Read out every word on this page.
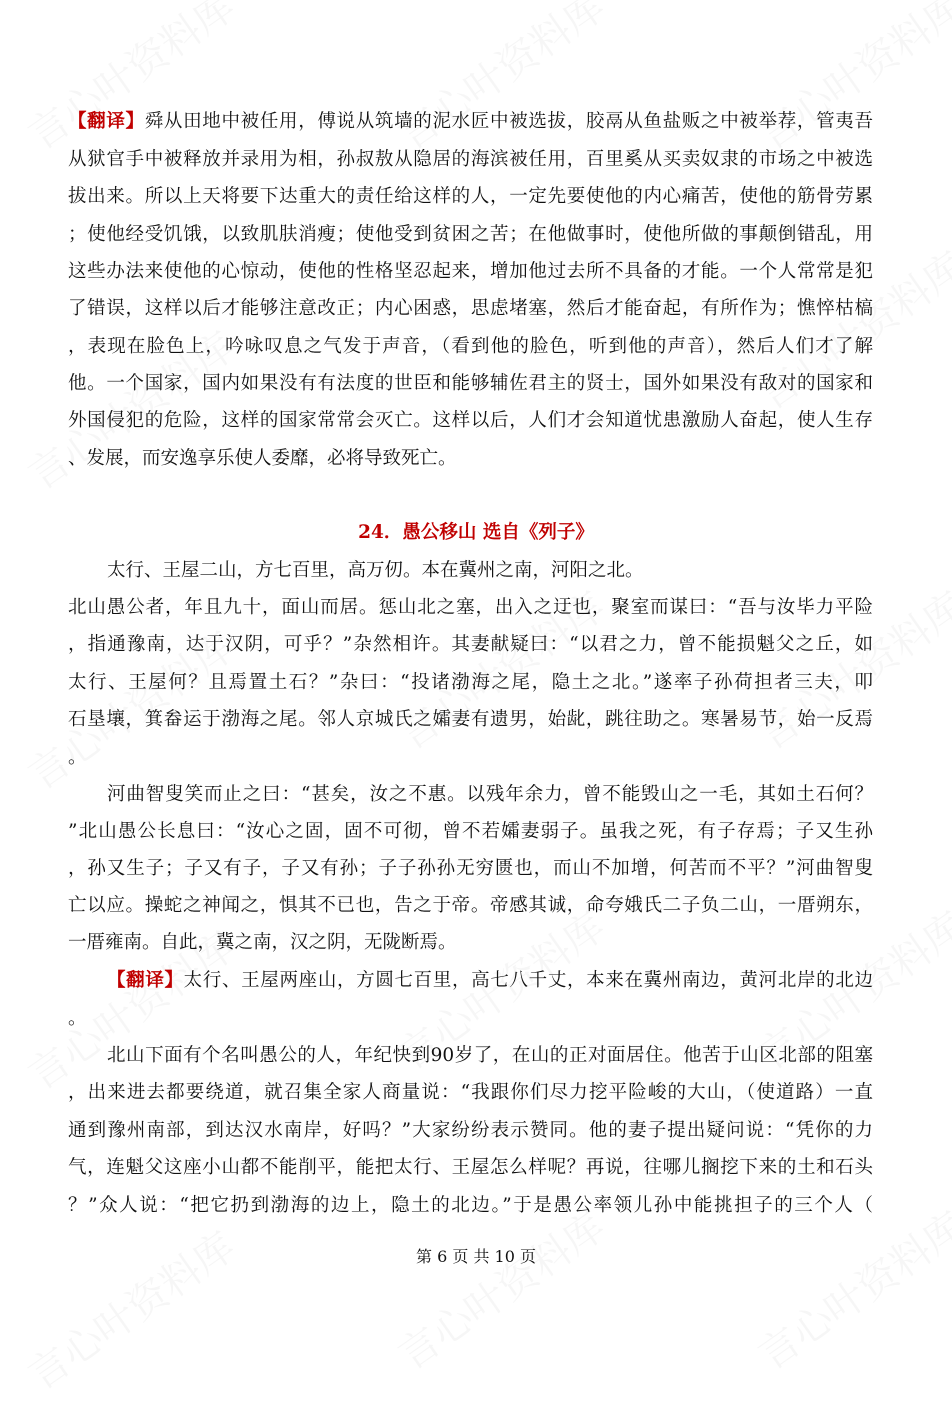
【翻译】舜从田地中被任用，傅说从筑墙的泥水匠中被选拔，胶鬲从鱼盐贩之中被举荐，管夷吾
从狱官手中被释放并录用为相，孙叔敖从隐居的海滨被任用，百里奚从买卖奴隶的市场之中被选
拔出来。所以上天将要下达重大的责任给这样的人，一定先要使他的内心痛苦，使他的筋骨劳累
；使他经受饥饿，以致肌肤消瘦；使他受到贫困之苦；在他做事时，使他所做的事颠倒错乱，用
这些办法来使他的心惊动，使他的性格坚忍起来，增加他过去所不具备的才能。一个人常常是犯
了错误，这样以后才能够注意改正；内心困惑，思虑堵塞，然后才能奋起，有所作为；憔悴枯槁
，表现在脸色上，吟咏叹息之气发于声音，（看到他的脸色，听到他的声音），然后人们才了解
他。一个国家，国内如果没有有法度的世臣和能够辅佐君主的贤士，国外如果没有敌对的国家和
外国侵犯的危险，这样的国家常常会灭亡。这样以后，人们才会知道忧患激励人奋起，使人生存
、发展，而安逸享乐使人委靡，必将导致死亡。
24．愚公移山 选自《列子》
太行、王屋二山，方七百里，高万仞。本在冀州之南，河阳之北。
北山愚公者，年且九十，面山而居。惩山北之塞，出入之迂也，聚室而谋曰：“吾与汝毕力平险
，指通豫南，达于汉阴，可乎？”杂然相许。其妻献疑曰：“以君之力，曾不能损魁父之丘，如
太行、王屋何？且焉置土石？”杂曰：“投诸渤海之尾，隐土之北。”遂率子孙荷担者三夫，叩
石垦壤，箕畚运于渤海之尾。邻人京城氏之孀妻有遗男，始龀，跳往助之。寒暑易节，始一反焉
。
河曲智叟笑而止之曰：“甚矣，汝之不惠。以残年余力，曾不能毁山之一毛，其如土石何？
”北山愚公长息曰：“汝心之固，固不可彻，曾不若孀妻弱子。虽我之死，有子存焉；子又生孙
，孙又生子；子又有子，子又有孙；子子孙孙无穷匮也，而山不加增，何苦而不平？”河曲智叟
亡以应。操蛇之神闻之，惧其不已也，告之于帝。帝感其诚，命夸娥氏二子负二山，一厝朔东，
一厝雍南。自此，冀之南，汉之阴，无陇断焉。
【翻译】太行、王屋两座山，方圆七百里，高七八千丈，本来在冀州南边，黄河北岸的北边
。
北山下面有个名叫愚公的人，年纪快到90岁了，在山的正对面居住。他苦于山区北部的阻塞
，出来进去都要绕道，就召集全家人商量说：“我跟你们尽力挖平险峻的大山，（使道路）一直
通到豫州南部，到达汉水南岸，好吗？”大家纷纷表示赞同。他的妻子提出疑问说：“凭你的力
气，连魁父这座小山都不能削平，能把太行、王屋怎么样呢？再说，往哪儿搁挖下来的土和石头
？”众人说：“把它扔到渤海的边上，隐土的北边。”于是愚公率领儿孙中能挑担子的三个人（
第 6 页 共 10 页
